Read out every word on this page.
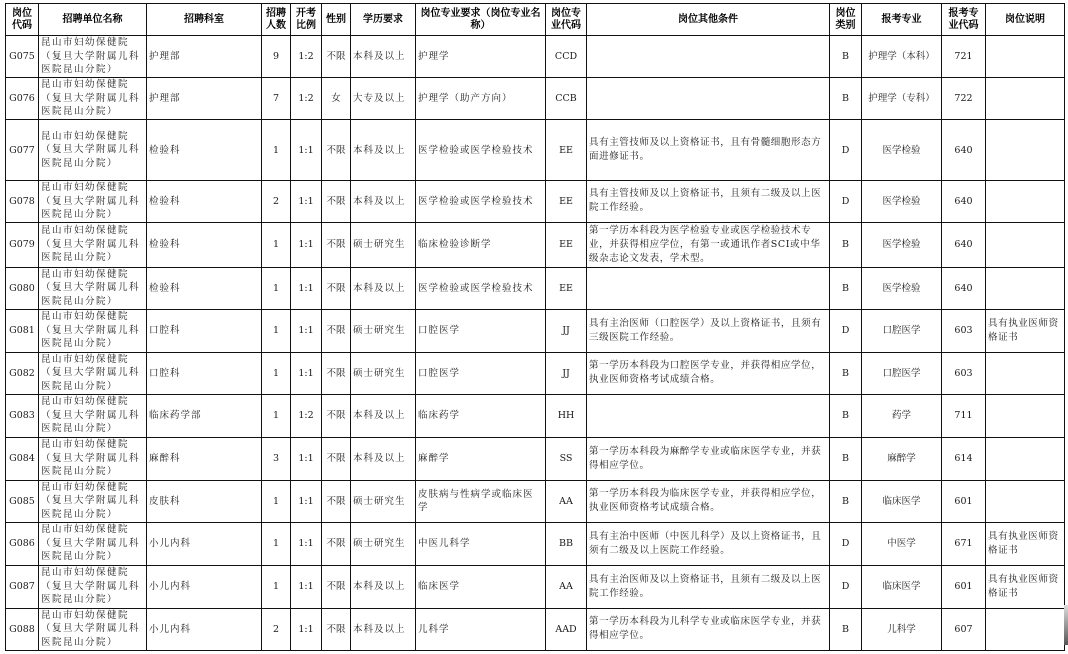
岗位代码	招聘单位名称	招聘科室	招聘人数	开考比例	性别	学历要求	岗位专业要求（岗位专业名称）	岗位专业代码	岗位其他条件	岗位类别	报考专业	报考专业代码	岗位说明
G075	昆山市妇幼保健院（复旦大学附属儿科医院昆山分院）	护理部	9	1:2	不限	本科及以上	护理学	CCD		B	护理学（本科）	721	
G076	昆山市妇幼保健院（复旦大学附属儿科医院昆山分院）	护理部	7	1:2	女	大专及以上	护理学（助产方向）	CCB		B	护理学（专科）	722	
G077	昆山市妇幼保健院（复旦大学附属儿科医院昆山分院）	检验科	1	1:1	不限	本科及以上	医学检验或医学检验技术	EE	具有主管技师及以上资格证书，且有骨髓细胞形态方面进修证书。	D	医学检验	640	
G078	昆山市妇幼保健院（复旦大学附属儿科医院昆山分院）	检验科	2	1:1	不限	本科及以上	医学检验或医学检验技术	EE	具有主管技师及以上资格证书，且须有二级及以上医院工作经验。	D	医学检验	640	
G079	昆山市妇幼保健院（复旦大学附属儿科医院昆山分院）	检验科	1	1:1	不限	硕士研究生	临床检验诊断学	EE	第一学历本科段为医学检验专业或医学检验技术专业，并获得相应学位，有第一或通讯作者SCI或中华级杂志论文发表，学术型。	B	医学检验	640	
G080	昆山市妇幼保健院（复旦大学附属儿科医院昆山分院）	检验科	1	1:1	不限	本科及以上	医学检验或医学检验技术	EE		B	医学检验	640	
G081	昆山市妇幼保健院（复旦大学附属儿科医院昆山分院）	口腔科	1	1:1	不限	硕士研究生	口腔医学	JJ	具有主治医师（口腔医学）及以上资格证书，且须有三级医院工作经验。	D	口腔医学	603	具有执业医师资格证书
G082	昆山市妇幼保健院（复旦大学附属儿科医院昆山分院）	口腔科	1	1:1	不限	硕士研究生	口腔医学	JJ	第一学历本科段为口腔医学专业，并获得相应学位，执业医师资格考试成绩合格。	B	口腔医学	603	
G083	昆山市妇幼保健院（复旦大学附属儿科医院昆山分院）	临床药学部	1	1:2	不限	本科及以上	临床药学	HH		B	药学	711	
G084	昆山市妇幼保健院（复旦大学附属儿科医院昆山分院）	麻醉科	3	1:1	不限	本科及以上	麻醉学	SS	第一学历本科段为麻醉学专业或临床医学专业，并获得相应学位。	B	麻醉学	614	
G085	昆山市妇幼保健院（复旦大学附属儿科医院昆山分院）	皮肤科	1	1:1	不限	硕士研究生	皮肤病与性病学或临床医学	AA	第一学历本科段为临床医学专业，并获得相应学位，执业医师资格考试成绩合格。	B	临床医学	601	
G086	昆山市妇幼保健院（复旦大学附属儿科医院昆山分院）	小儿内科	1	1:1	不限	硕士研究生	中医儿科学	BB	具有主治中医师（中医儿科学）及以上资格证书，且须有二级及以上医院工作经验。	D	中医学	671	具有执业医师资格证书
G087	昆山市妇幼保健院（复旦大学附属儿科医院昆山分院）	小儿内科	1	1:1	不限	本科及以上	临床医学	AA	具有主治医师及以上资格证书，且须有二级及以上医院工作经验。	D	临床医学	601	具有执业医师资格证书
G088	昆山市妇幼保健院（复旦大学附属儿科医院昆山分院）	小儿内科	2	1:1	不限	本科及以上	儿科学	AAD	第一学历本科段为儿科学专业或临床医学专业，并获得相应学位。	B	儿科学	607	
